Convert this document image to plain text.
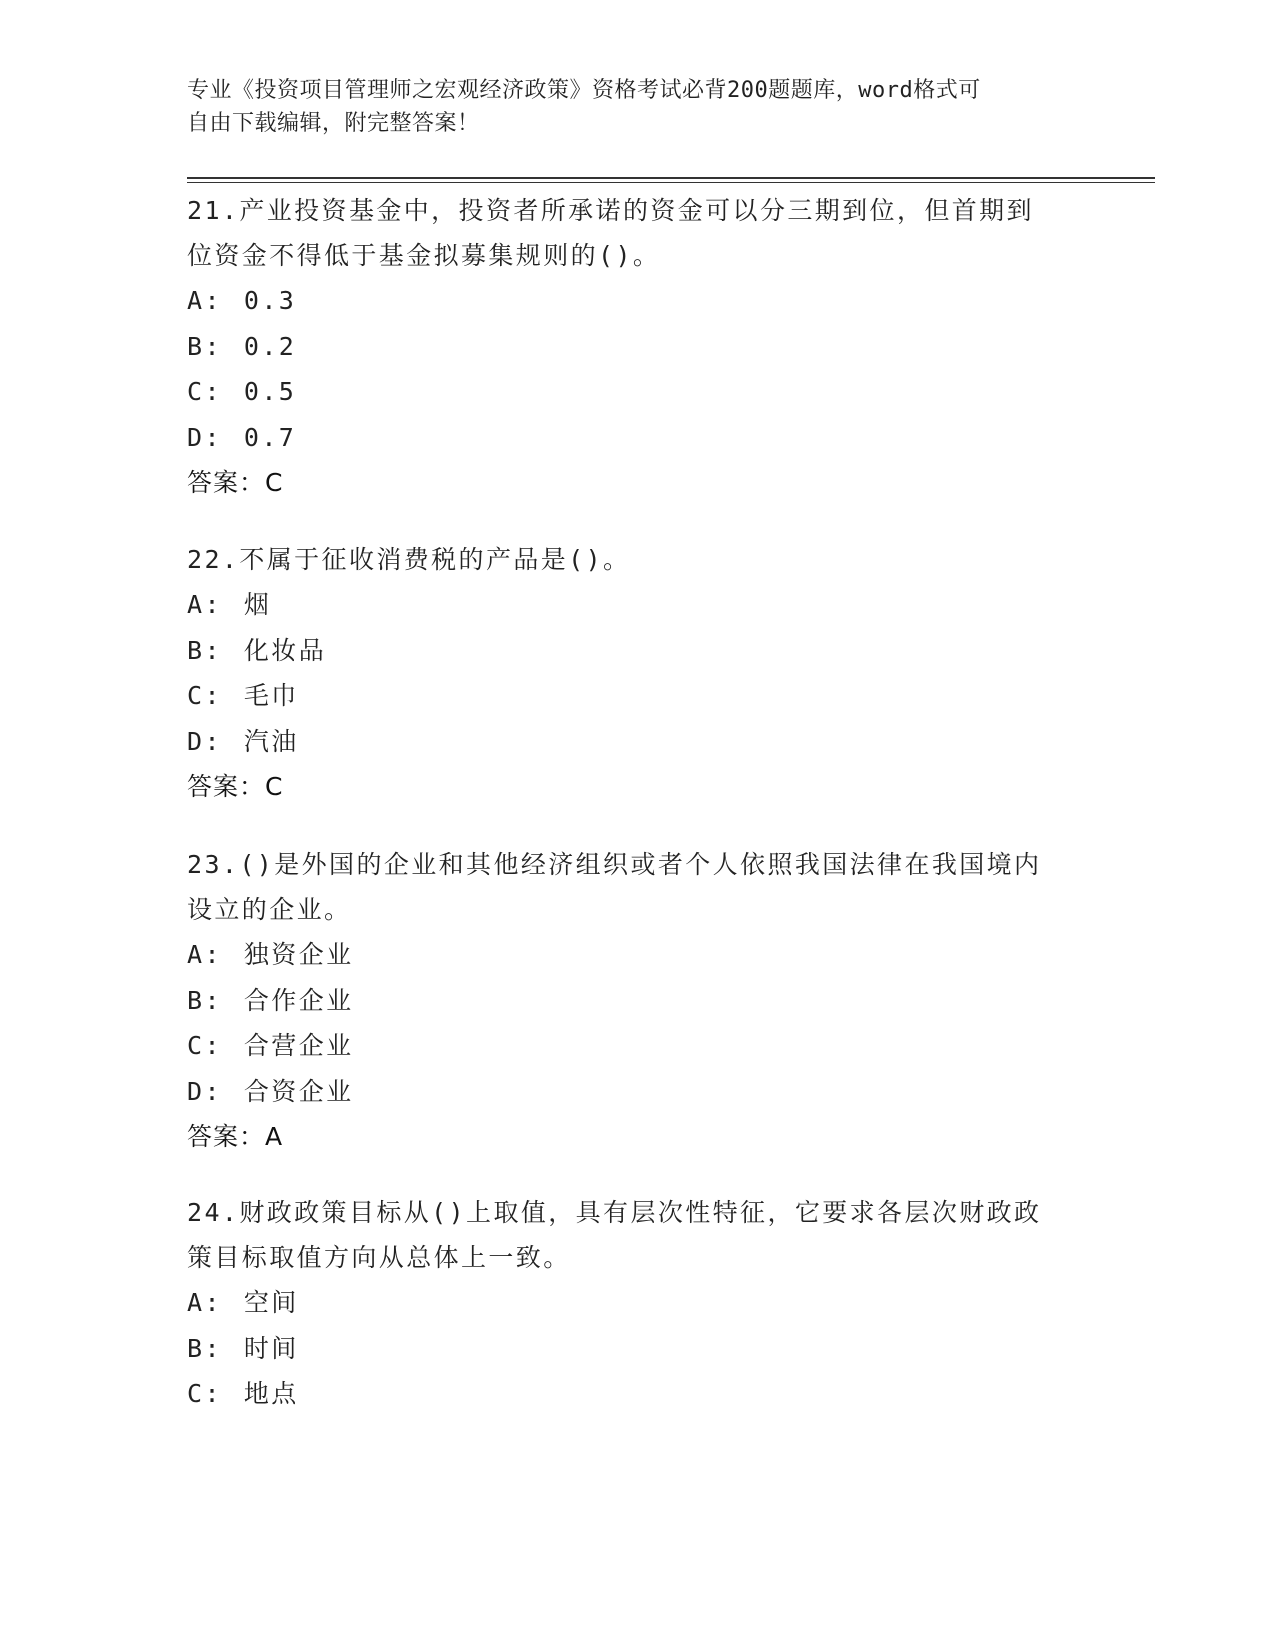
专业《投资项目管理师之宏观经济政策》资格考试必背200题题库，word格式可
自由下载编辑，附完整答案！

21.产业投资基金中，投资者所承诺的资金可以分三期到位，但首期到
位资金不得低于基金拟募集规则的()。

A: 0.3
B: 0.2
C: 0.5
D: 0.7
答案：C

22.不属于征收消费税的产品是()。

A: 烟
B: 化妆品
C: 毛巾
D: 汽油
答案：C

23.()是外国的企业和其他经济组织或者个人依照我国法律在我国境内
设立的企业。

A: 独资企业
B: 合作企业
C: 合营企业
D: 合资企业
答案：A

24.财政政策目标从()上取值，具有层次性特征，它要求各层次财政政
策目标取值方向从总体上一致。

A: 空间
B: 时间
C: 地点
